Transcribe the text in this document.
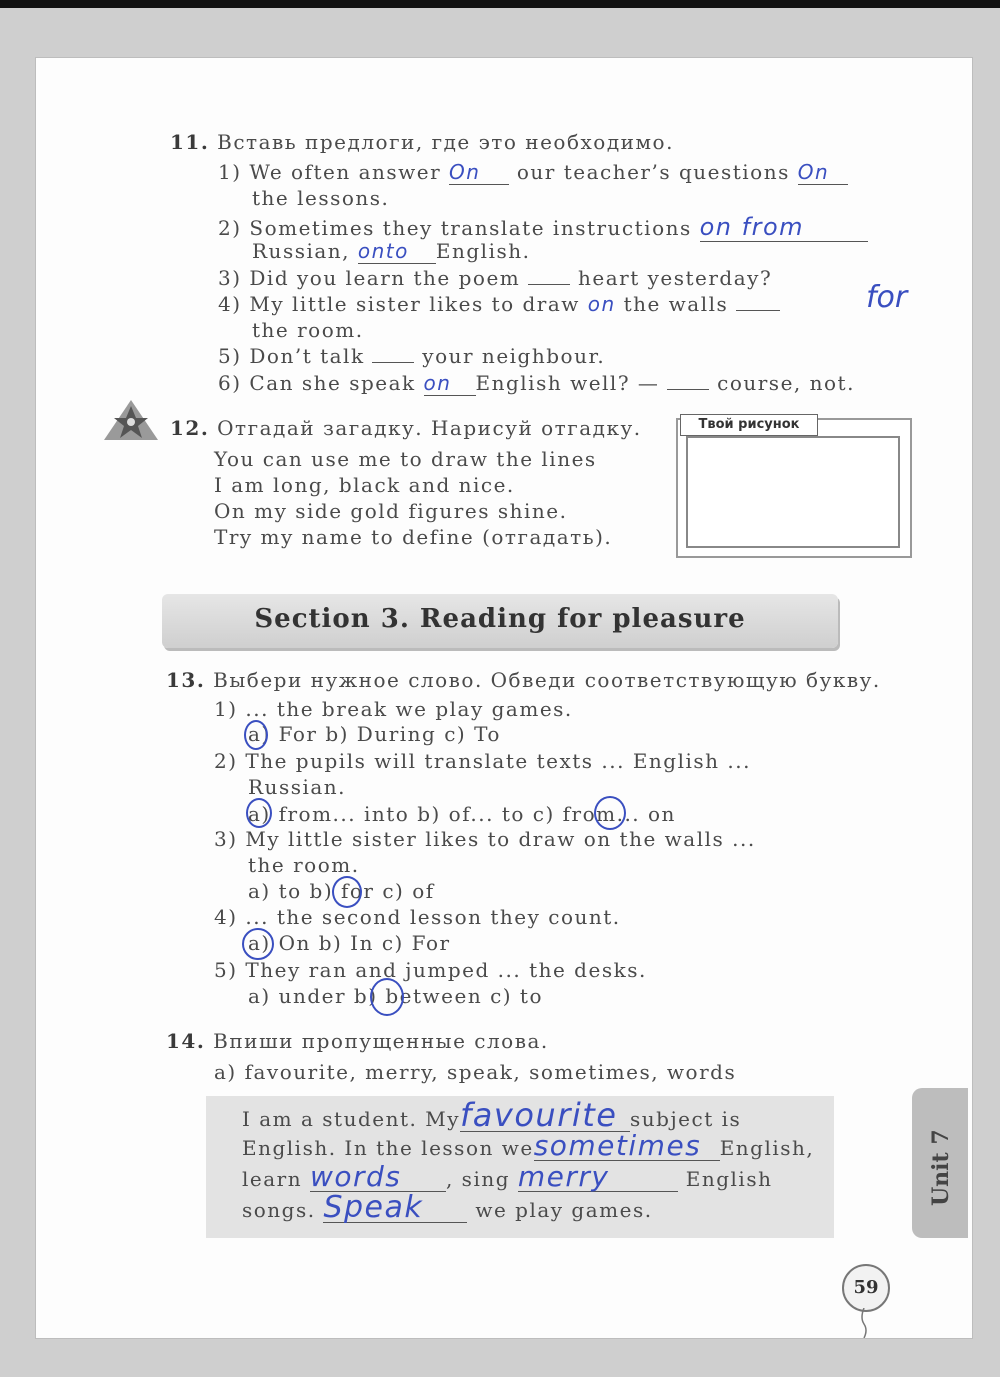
11. Вставь предлоги, где это необходимо.
1) We often answer On our teacher’s questions On
the lessons.
2) Sometimes they translate instructions on from
Russian, onto English.
3) Did you learn the poem	heart yesterday?
4) My little sister likes to draw on the walls	for
the room.
5) Don’t talk	your neighbour.
6) Can she speak on English well? —	course, not.
12. Отгадай загадку. Нарисуй отгадку.
You can use me to draw the lines
I am long, black and nice.
On my side gold figures shine.
Try my name to define (отгадать).
Твой рисунок
Section 3. Reading for pleasure
13. Выбери нужное слово. Обведи соответствующую букву.
1) ... the break we play games.
a) For b) During c) To
2) The pupils will translate texts ... English ...
Russian.
a) from... into b) of... to c) from... on
3) My little sister likes to draw on the walls ...
the room.
a) to b) for c) of
4) ... the second lesson they count.
a) On b) In c) For
5) They ran and jumped ... the desks.
a) under b) between c) to
14. Впиши пропущенные слова.
a) favourite, merry, speak, sometimes, words
I am a student. Myfavourite subject is
English. In the lesson wesometimes English,
learn words , sing merry	English
songs. Speak	we play games.
Unit 7
59
